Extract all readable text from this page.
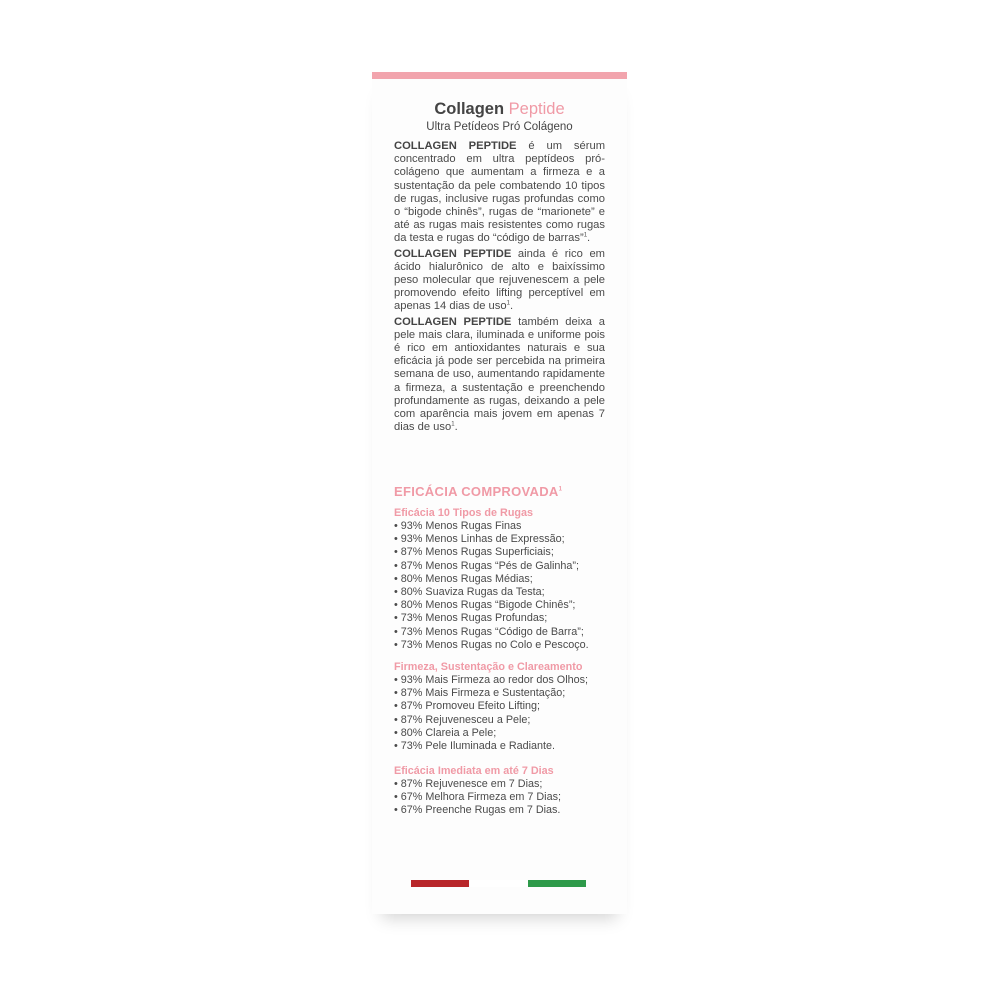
Collagen Peptide
Ultra Petídeos Pró Colágeno

COLLAGEN PEPTIDE é um sérum concentrado em ultra peptídeos pró-colágeno que aumentam a firmeza e a sustentação da pele combatendo 10 tipos de rugas, inclusive rugas profundas como o “bigode chinês”, rugas de “marionete” e até as rugas mais resistentes como rugas da testa e rugas do “código de barras”$^1$.

COLLAGEN PEPTIDE ainda é rico em ácido hialurônico de alto e baixíssimo peso molecular que rejuvenescem a pele promovendo efeito lifting perceptível em apenas 14 dias de uso$^1$.

COLLAGEN PEPTIDE também deixa a pele mais clara, iluminada e uniforme pois é rico em antioxidantes naturais e sua eficácia já pode ser percebida na primeira semana de uso, aumentando rapidamente a firmeza, a sustentação e preenchendo profundamente as rugas, deixando a pele com aparência mais jovem em apenas 7 dias de uso$^1$.

EFICÁCIA COMPROVADA$^1$
Eficácia 10 Tipos de Rugas
• 93% Menos Rugas Finas
• 93% Menos Linhas de Expressão;
• 87% Menos Rugas Superficiais;
• 87% Menos Rugas “Pés de Galinha”;
• 80% Menos Rugas Médias;
• 80% Suaviza Rugas da Testa;
• 80% Menos Rugas “Bigode Chinês”;
• 73% Menos Rugas Profundas;
• 73% Menos Rugas “Código de Barra”;
• 73% Menos Rugas no Colo e Pescoço.
Firmeza, Sustentação e Clareamento
• 93% Mais Firmeza ao redor dos Olhos;
• 87% Mais Firmeza e Sustentação;
• 87% Promoveu Efeito Lifting;
• 87% Rejuvenesceu a Pele;
• 80% Clareia a Pele;
• 73% Pele Iluminada e Radiante.
Eficácia Imediata em até 7 Dias
• 87% Rejuvenesce em 7 Dias;
• 67% Melhora Firmeza em 7 Dias;
• 67% Preenche Rugas em 7 Dias.
